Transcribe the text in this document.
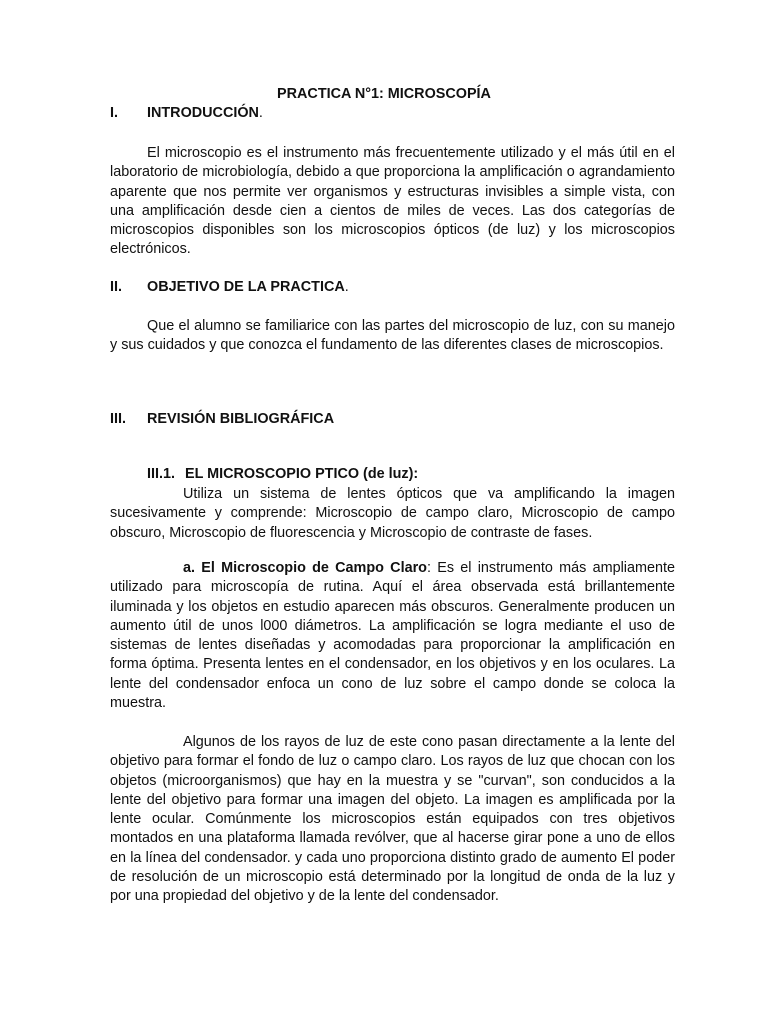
PRACTICA N°1: MICROSCOPÍA
I. INTRODUCCIÓN.
El microscopio es el instrumento más frecuentemente utilizado y el más útil en el laboratorio de microbiología, debido a que proporciona la amplificación o agrandamiento aparente que nos permite ver organismos y estructuras invisibles a simple vista, con una amplificación desde cien a cientos de miles de veces. Las dos categorías de microscopios disponibles son los microscopios ópticos (de luz) y los microscopios electrónicos.
II. OBJETIVO DE LA PRACTICA.
Que el alumno se familiarice con las partes del microscopio de luz, con su manejo y sus cuidados y que conozca el fundamento de las diferentes clases de microscopios.
III. REVISIÓN BIBLIOGRÁFICA
III.1. EL MICROSCOPIO PTICO (de luz):
Utiliza un sistema de lentes ópticos que va amplificando la imagen sucesivamente y comprende: Microscopio de campo claro, Microscopio de campo obscuro, Microscopio de fluorescencia y Microscopio de contraste de fases.
a. El Microscopio de Campo Claro: Es el instrumento más ampliamente utilizado para microscopía de rutina. Aquí el área observada está brillantemente iluminada y los objetos en estudio aparecen más obscuros. Generalmente producen un aumento útil de unos l000 diámetros. La amplificación se logra mediante el uso de sistemas de lentes diseñadas y acomodadas para proporcionar la amplificación en forma óptima. Presenta lentes en el condensador, en los objetivos y en los oculares. La lente del condensador enfoca un cono de luz sobre el campo donde se coloca la muestra.
Algunos de los rayos de luz de este cono pasan directamente a la lente del objetivo para formar el fondo de luz o campo claro. Los rayos de luz que chocan con los objetos (microorganismos) que hay en la muestra y se "curvan", son conducidos a la lente del objetivo para formar una imagen del objeto. La imagen es amplificada por la lente ocular. Comúnmente los microscopios están equipados con tres objetivos montados en una plataforma llamada revólver, que al hacerse girar pone a uno de ellos en la línea del condensador. y cada uno proporciona distinto grado de aumento El poder de resolución de un microscopio está determinado por la longitud de onda de la luz y por una propiedad del objetivo y de la lente del condensador.
